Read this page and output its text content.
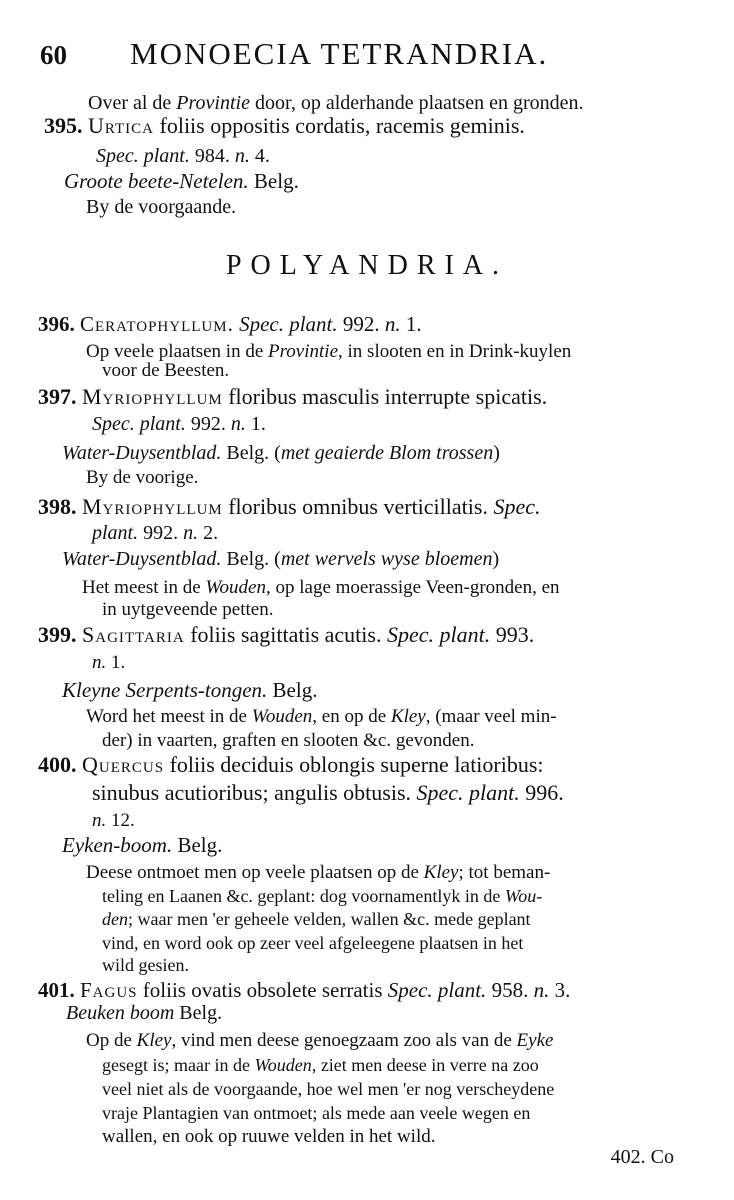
60 MONOECIA TETRANDRIA.
POLYANDRIA.
Over al de Provintie door, op alderhande plaatsen en gronden.
395. Urtica foliis oppositis cordatis, racemis geminis.
Spec. plant. 984. n. 4.
Groote beete-Netelen. Belg.
By de voorgaande.
396. Ceratophyllum. Spec. plant. 992. n. 1.
Op veele plaatsen in de Provintie, in slooten en in Drink-kuylen
voor de Beesten.
397. Myriophyllum floribus masculis interrupte spicatis.
Spec. plant. 992. n. 1.
Water-Duysentblad. Belg. (met geaierde Blom trossen)
By de voorige.
398. Myriophyllum floribus omnibus verticillatis. Spec.
plant. 992. n. 2.
Water-Duysentblad. Belg. (met wervels wyse bloemen)
Het meest in de Wouden, op lage moerassige Veen-gronden, en
in uytgeveende petten.
399. Sagittaria foliis sagittatis acutis. Spec. plant. 993.
n. 1.
Kleyne Serpents-tongen. Belg.
Word het meest in de Wouden, en op de Kley, (maar veel min-
der) in vaarten, graften en slooten &c. gevonden.
400. Quercus foliis deciduis oblongis superne latioribus:
sinubus acutioribus; angulis obtusis. Spec. plant. 996.
n. 12.
Eyken-boom. Belg.
Deese ontmoet men op veele plaatsen op de Kley; tot beman-
teling en Laanen &c. geplant: dog voornamentlyk in de Wou-
den; waar men 'er geheele velden, wallen &c. mede geplant
vind, en word ook op zeer veel afgeleegene plaatsen in het
wild gesien.
401. Fagus foliis ovatis obsolete serratis Spec. plant. 958. n. 3.
Beuken boom Belg.
Op de Kley, vind men deese genoegzaam zoo als van de Eyke
gesegt is; maar in de Wouden, ziet men deese in verre na zoo
veel niet als de voorgaande, hoe wel men 'er nog verscheydene
vraje Plantagien van ontmoet; als mede aan veele wegen en
wallen, en ook op ruuwe velden in het wild.
402. Co
